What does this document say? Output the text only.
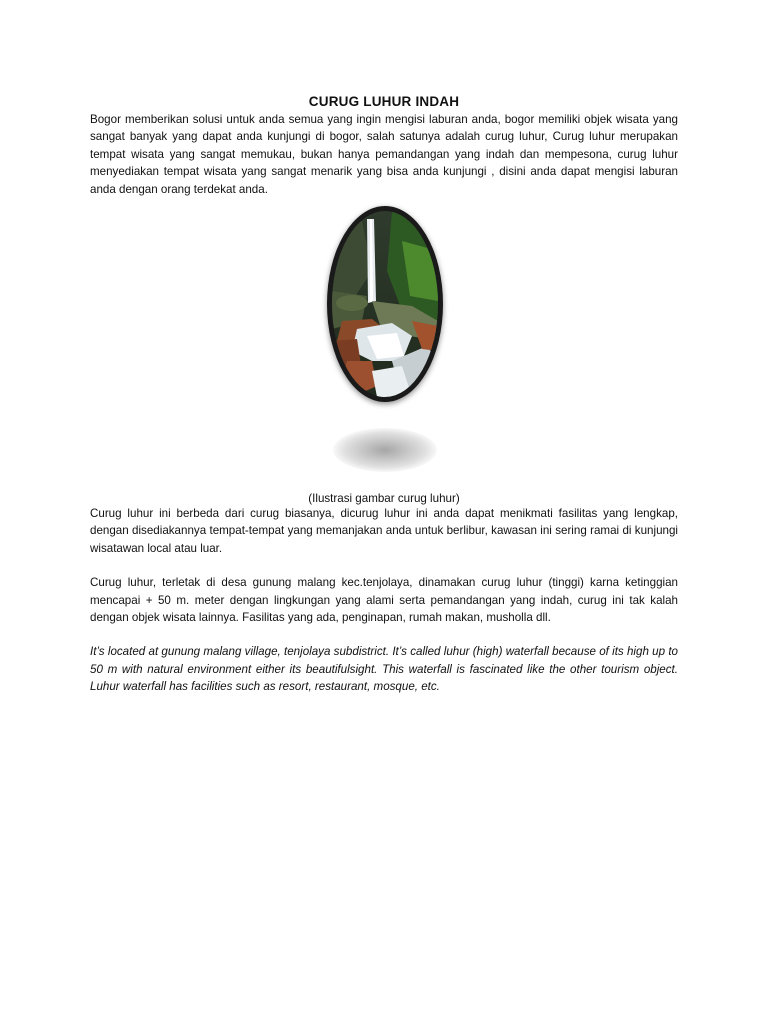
CURUG LUHUR INDAH

Bogor memberikan solusi untuk anda semua yang ingin mengisi laburan anda, bogor memiliki objek wisata yang sangat banyak yang dapat anda kunjungi di bogor, salah satunya adalah curug luhur, Curug luhur merupakan tempat wisata yang sangat memukau, bukan hanya pemandangan yang indah dan mempesona, curug luhur menyediakan tempat wisata yang sangat menarik yang bisa anda kunjungi , disini anda dapat mengisi laburan anda dengan orang terdekat anda.

(Ilustrasi gambar curug luhur)

Curug luhur ini berbeda dari curug biasanya, dicurug luhur ini anda dapat menikmati fasilitas yang lengkap, dengan disediakannya tempat-tempat yang memanjakan anda untuk berlibur, kawasan ini sering ramai di kunjungi wisatawan local atau luar.

Curug luhur, terletak di desa gunung malang kec.tenjolaya, dinamakan curug luhur (tinggi) karna ketinggian mencapai + 50 m. meter dengan lingkungan yang alami serta pemandangan yang indah, curug ini tak kalah dengan objek wisata lainnya. Fasilitas yang ada, penginapan, rumah makan, musholla dll.

It’s located at gunung malang village, tenjolaya subdistrict. It’s called luhur (high) waterfall because of its high up to 50 m with natural environment either its beautifulsight. This waterfall is fascinated like the other tourism object. Luhur waterfall has facilities such as resort, restaurant, mosque, etc.
